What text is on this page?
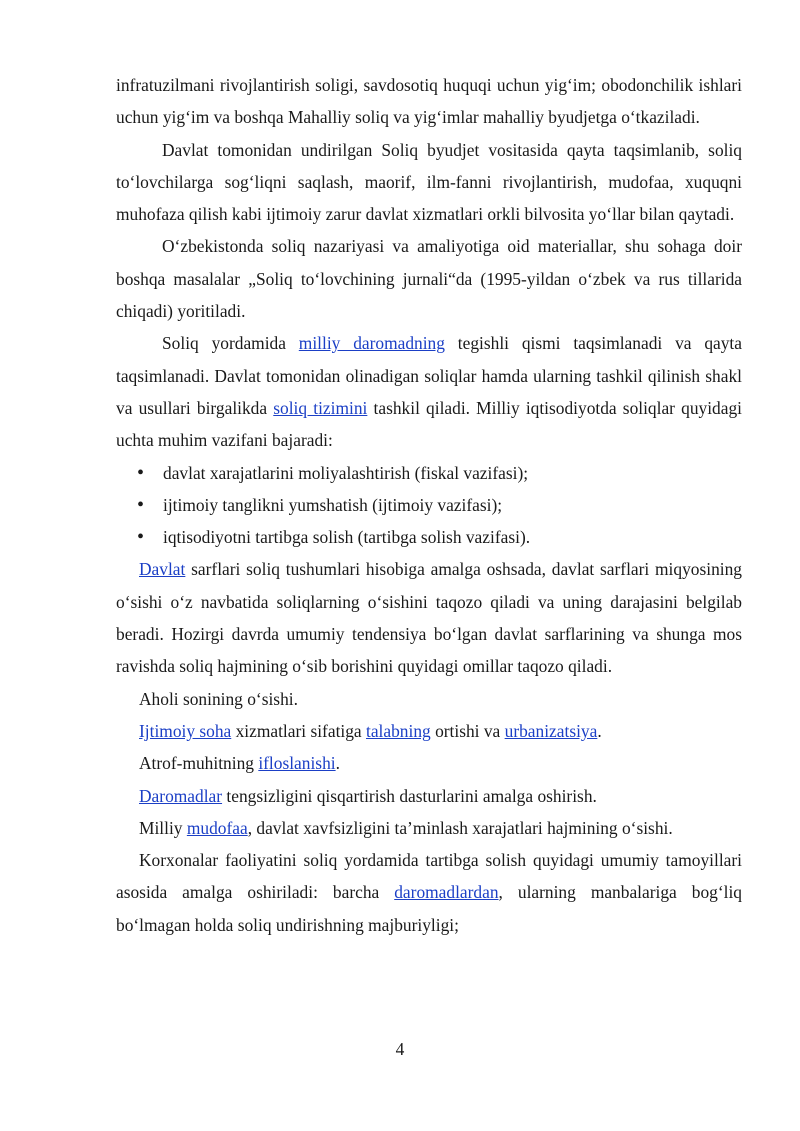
infratuzilmani rivojlantirish soligi, savdosotiq huquqi uchun yig‘im; obodonchilik ishlari uchun yig‘im va boshqa Mahalliy soliq va yig‘imlar mahalliy byudjetga o‘tkaziladi.

Davlat tomonidan undirilgan Soliq byudjet vositasida qayta taqsimlanib, soliq to‘lovchilarga sog‘liqni saqlash, maorif, ilm-fanni rivojlantirish, mudofaa, xuquqni muhofaza qilish kabi ijtimoiy zarur davlat xizmatlari orkli bilvosita yo‘llar bilan qaytadi.

O‘zbekistonda soliq nazariyasi va amaliyotiga oid materiallar, shu sohaga doir boshqa masalalar „Soliq to‘lovchining jurnali“da (1995-yildan o‘zbek va rus tillarida chiqadi) yoritiladi.

Soliq yordamida milliy daromadning tegishli qismi taqsimlanadi va qayta taqsimlanadi. Davlat tomonidan olinadigan soliqlar hamda ularning tashkil qilinish shakl va usullari birgalikda soliq tizimini tashkil qiladi. Milliy iqtisodiyotda soliqlar quyidagi uchta muhim vazifani bajaradi:

• davlat xarajatlarini moliyalashtirish (fiskal vazifasi);
• ijtimoiy tanglikni yumshatish (ijtimoiy vazifasi);
• iqtisodiyotni tartibga solish (tartibga solish vazifasi).

Davlat sarflari soliq tushumlari hisobiga amalga oshsada, davlat sarflari miqyosining o‘sishi o‘z navbatida soliqlarning o‘sishini taqozo qiladi va uning darajasini belgilab beradi. Hozirgi davrda umumiy tendensiya bo‘lgan davlat sarflarining va shunga mos ravishda soliq hajmining o‘sib borishini quyidagi omillar taqozo qiladi.

Aholi sonining o‘sishi.

Ijtimoiy soha xizmatlari sifatiga talabning ortishi va urbanizatsiya.

Atrof-muhitning ifloslanishi.

Daromadlar tengsizligini qisqartirish dasturlarini amalga oshirish.

Milliy mudofaa, davlat xavfsizligini ta’minlash xarajatlari hajmining o‘sishi.

Korxonalar faoliyatini soliq yordamida tartibga solish quyidagi umumiy tamoyillari asosida amalga oshiriladi: barcha daromadlardan, ularning manbalariga bog‘liq bo‘lmagan holda soliq undirishning majburiyligi;

4
